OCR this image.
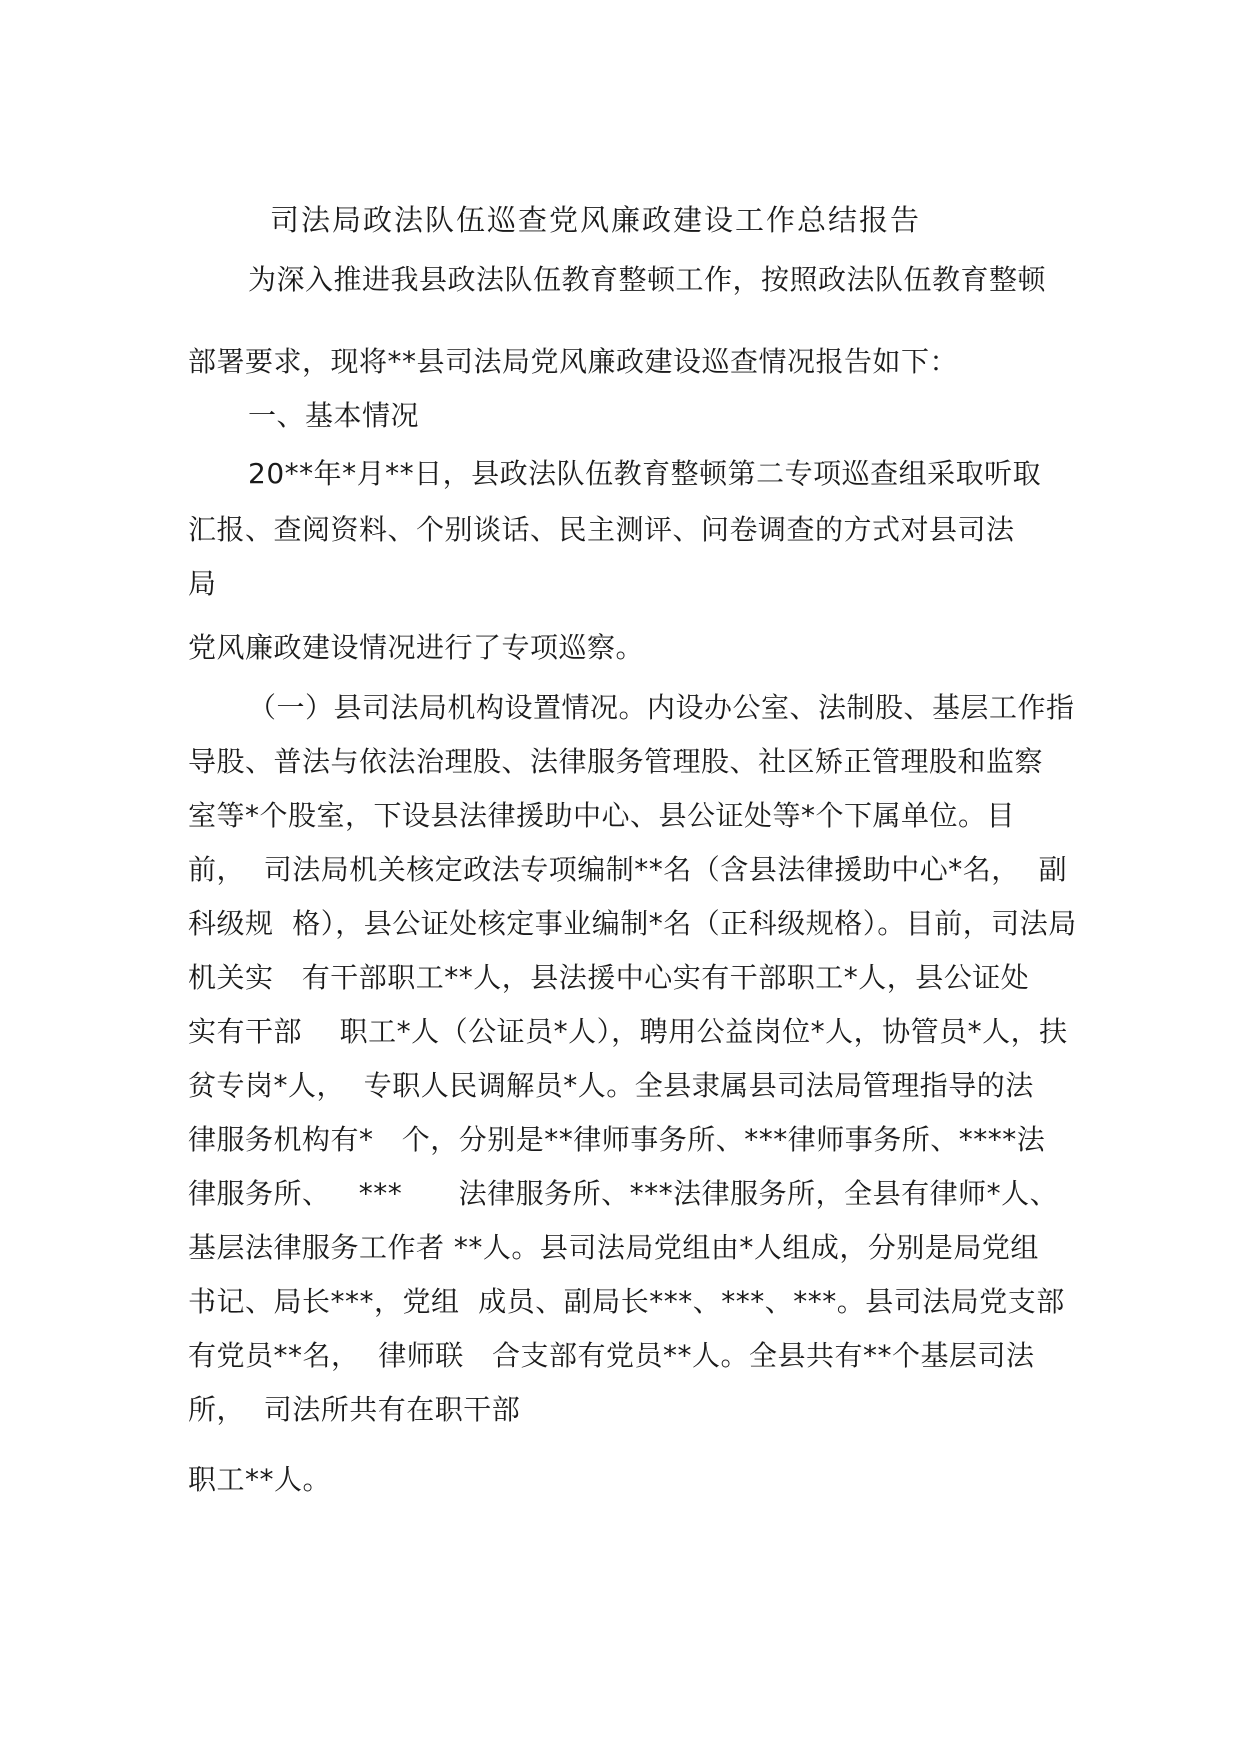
司法局政法队伍巡查党风廉政建设工作总结报告
为深入推进我县政法队伍教育整顿工作，按照政法队伍教育整顿
部署要求，现将**县司法局党风廉政建设巡查情况报告如下：
一、基本情况
20**年*月**日，县政法队伍教育整顿第二专项巡查组采取听取
汇报、查阅资料、个别谈话、民主测评、问卷调查的方式对县司法
局
党风廉政建设情况进行了专项巡察。
（一）县司法局机构设置情况。内设办公室、法制股、基层工作指
导股、普法与依法治理股、法律服务管理股、社区矫正管理股和监察
室等*个股室，下设县法律援助中心、县公证处等*个下属单位。目
前，  司法局机关核定政法专项编制**名（含县法律援助中心*名，  副
科级规  格），县公证处核定事业编制*名（正科级规格）。目前，司法局
机关实   有干部职工**人，县法援中心实有干部职工*人，县公证处
实有干部    职工*人（公证员*人），聘用公益岗位*人，协管员*人，扶
贫专岗*人，  专职人民调解员*人。全县隶属县司法局管理指导的法
律服务机构有*   个，分别是**律师事务所、***律师事务所、****法
律服务所、   ***      法律服务所、***法律服务所，全县有律师*人、
基层法律服务工作者 **人。县司法局党组由*人组成，分别是局党组
书记、局长***，党组  成员、副局长***、***、***。县司法局党支部
有党员**名，  律师联   合支部有党员**人。全县共有**个基层司法
所，  司法所共有在职干部
职工**人。
